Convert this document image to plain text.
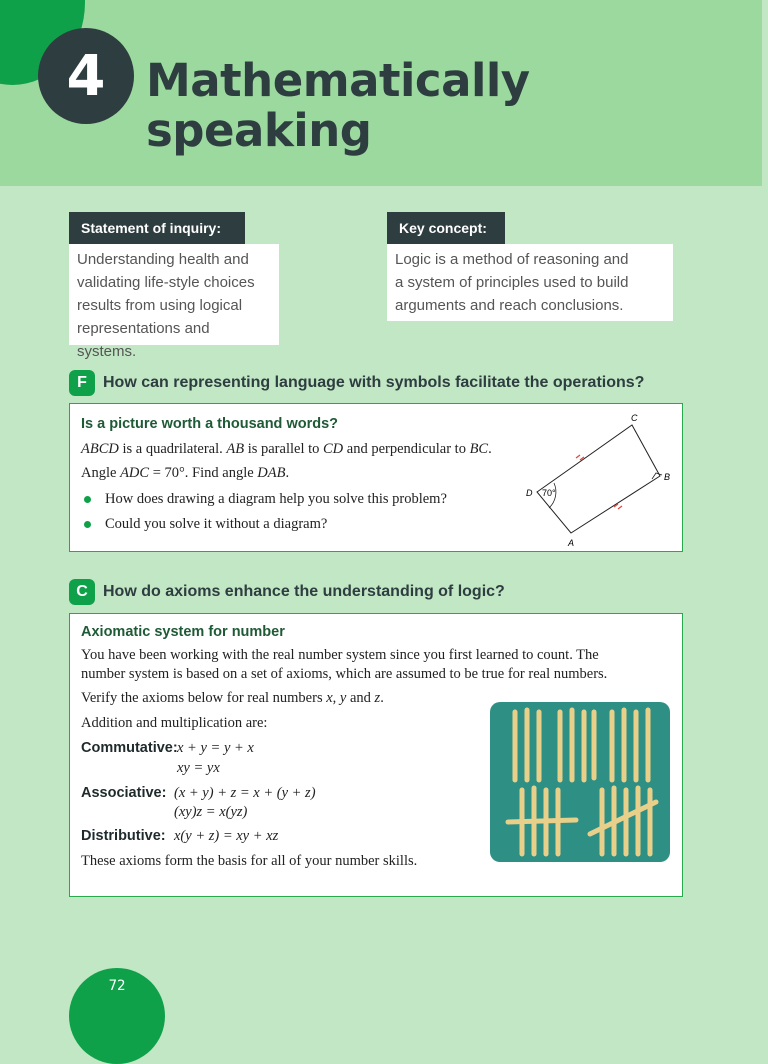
4 Mathematically
speaking
Statement of inquiry:
Understanding health and
validating life-style choices
results from using logical
representations and systems.
Key concept:
Logic is a method of reasoning and
a system of principles used to build
arguments and reach conclusions.
F	How can representing language with symbols facilitate the operations?
Is a picture worth a thousand words?
ABCD is a quadrilateral. AB is parallel to CD and perpendicular to BC.
Angle ADC = 70°. Find angle DAB.
How does drawing a diagram help you solve this problem?
Could you solve it without a diagram?
C
B
A
D 70°
C How do axioms enhance the understanding of logic?
Axiomatic system for number
You have been working with the real number system since you first learned to count. The
number system is based on a set of axioms, which are assumed to be true for real numbers.
Verify the axioms below for real numbers x, y and z.
Addition and multiplication are:
Commutative: x + y = y + x
xy = yx
Associative: (x + y) + z = x + (y + z)
(xy)z = x(yz)
Distributive: x(y + z) = xy + xz
These axioms form the basis for all of your number skills.
72
